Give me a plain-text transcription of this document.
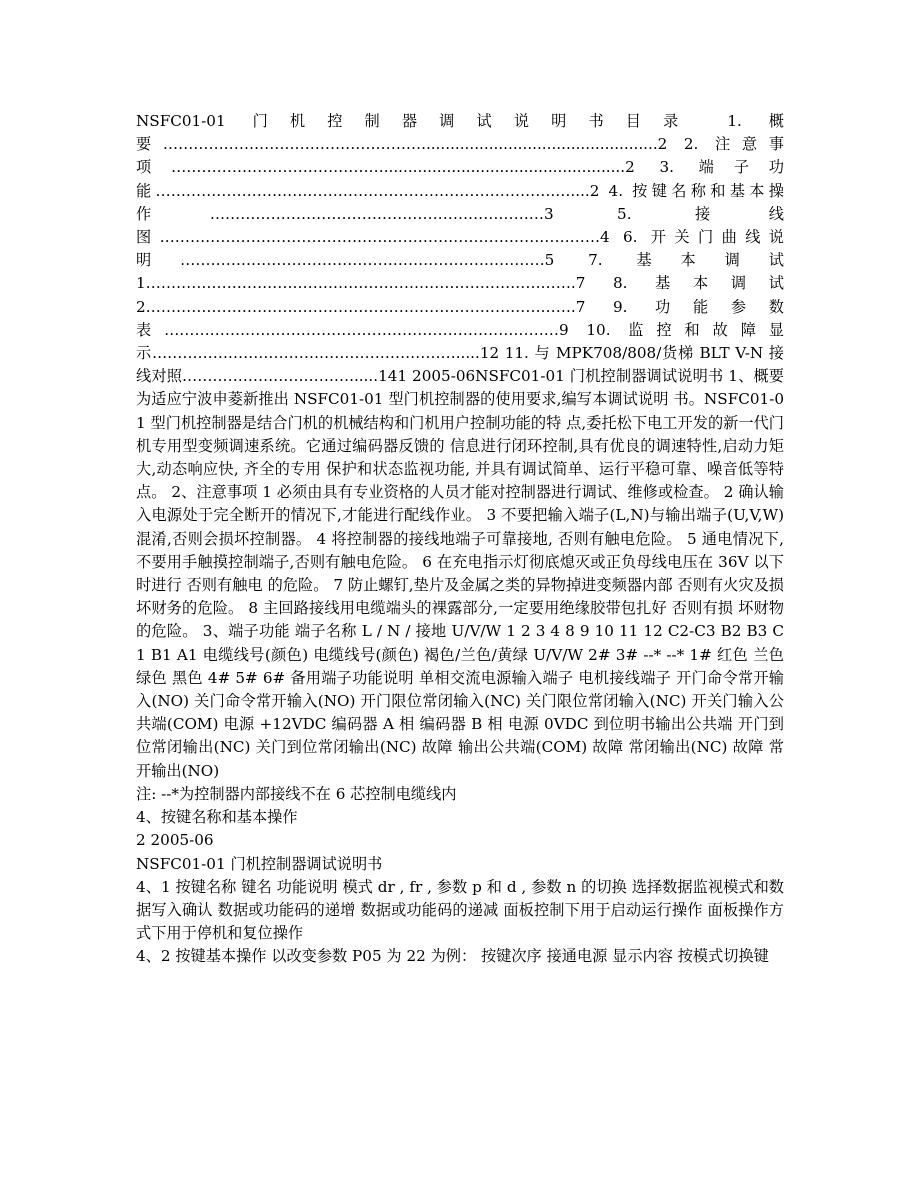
NSFC01-01 门机控制器调试说明书目录 1. 概要…………………………………………….................................................2 2. 注意事项……………………………………..................................................2 3. 端子功能…………………………………………………………………….…....2 4. 按键名称和基本操作…………………………………………………………3 5. 接线图……………………………………………………………………………4 6. 开关门曲线说明………………………………………………………………5 7. 基本调试1………………………………………………………………………….7 8. 基本调试2………………………………………………………………………….7 9. 功能参数表……………………………………………………………………9 10. 监控和故障显示…………………………………………………….....12 11. 与 MPK708/808/货梯 BLT V-N 接线对照……………………………......141 2005-06NSFC01-01 门机控制器调试说明书 1、概要 为适应宁波申菱新推出 NSFC01-01 型门机控制器的使用要求,编写本调试说明 书。NSFC01-01 型门机控制器是结合门机的机械结构和门机用户控制功能的特 点,委托松下电工开发的新一代门机专用型变频调速系统。它通过编码器反馈的 信息进行闭环控制,具有优良的调速特性,启动力矩大,动态响应快, 齐全的专用 保护和状态监视功能, 并具有调试简单、运行平稳可靠、噪音低等特点。 2、注意事项 1 必须由具有专业资格的人员才能对控制器进行调试、维修或检查。 2 确认输入电源处于完全断开的情况下,才能进行配线作业。 3 不要把输入端子(L,N)与输出端子(U,V,W) 混淆,否则会损坏控制器。 4 将控制器的接线地端子可靠接地, 否则有触电危险。 5 通电情况下,不要用手触摸控制端子,否则有触电危险。 6 在充电指示灯彻底熄灭或正负母线电压在 36V 以下时进行 否则有触电 的危险。 7 防止螺钉,垫片及金属之类的异物掉进变频器内部 否则有火灾及损坏财务的危险。 8 主回路接线用电缆端头的裸露部分,一定要用绝缘胶带包扎好 否则有损 坏财物的危险。 3、端子功能 端子名称 L / N / 接地 U/V/W 1 2 3 4 8 9 10 11 12 C2-C3 B2 B3 C1 B1 A1 电缆线号(颜色) 电缆线号(颜色) 褐色/兰色/黄绿 U/V/W 2# 3# --* --* 1# 红色 兰色 绿色 黑色 4# 5# 6# 备用端子功能说明 单相交流电源输入端子 电机接线端子 开门命令常开输入(NO) 关门命令常开输入(NO) 开门限位常闭输入(NC) 关门限位常闭输入(NC) 开关门输入公共端(COM) 电源 +12VDC 编码器 A 相 编码器 B 相 电源 0VDC 到位明书输出公共端 开门到位常闭输出(NC) 关门到位常闭输出(NC) 故障 输出公共端(COM) 故障 常闭输出(NC) 故障 常开输出(NO)

注: --*为控制器内部接线不在 6 芯控制电缆线内

4、按键名称和基本操作

2 2005-06

NSFC01-01 门机控制器调试说明书

4、1 按键名称 键名 功能说明 模式 dr , fr , 参数 p 和 d , 参数 n 的切换 选择数据监视模式和数据写入确认 数据或功能码的递增 数据或功能码的递减 面板控制下用于启动运行操作 面板操作方式下用于停机和复位操作

4、2 按键基本操作 以改变参数 P05 为 22 为例： 按键次序 接通电源 显示内容 按模式切换键
